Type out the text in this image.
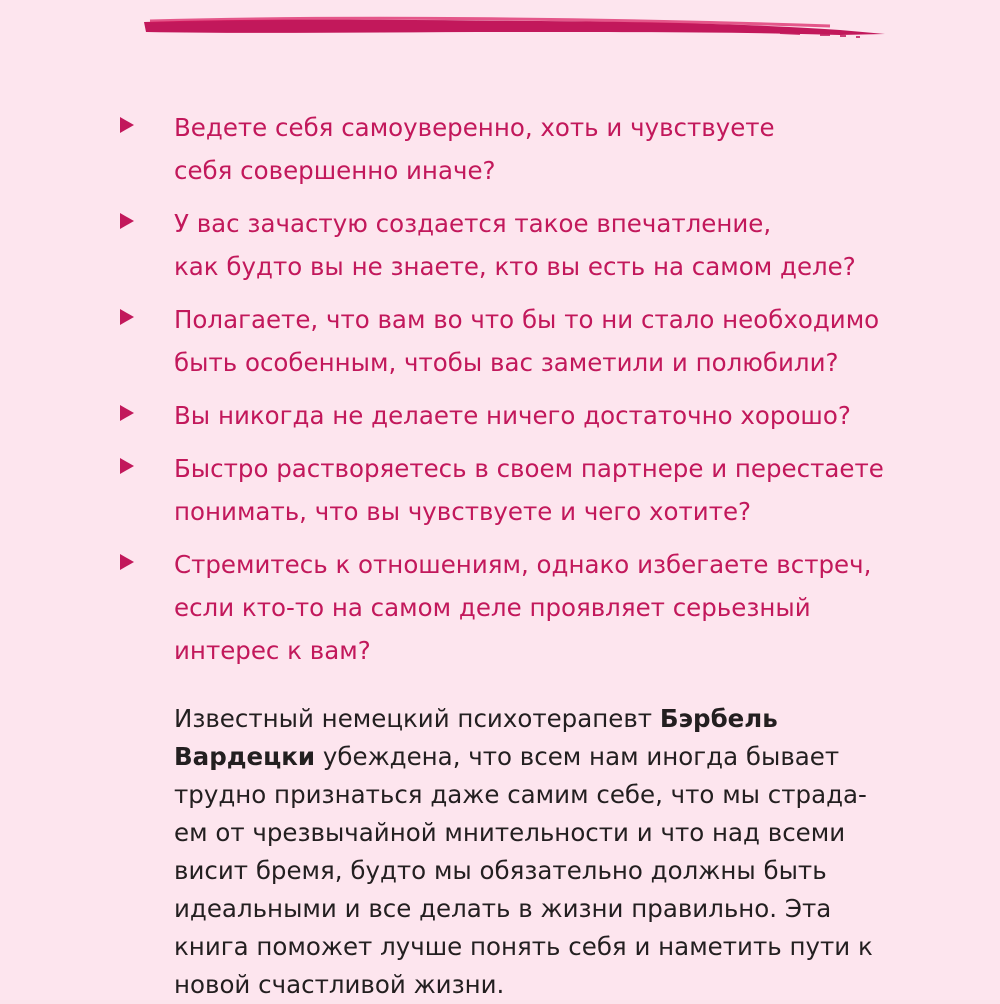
Ведете себя самоуверенно, хоть и чувствуете
себя совершенно иначе?
У вас зачастую создается такое впечатление,
как будто вы не знаете, кто вы есть на самом деле?
Полагаете, что вам во что бы то ни стало необходимо
быть особенным, чтобы вас заметили и полюбили?
Вы никогда не делаете ничего достаточно хорошо?
Быстро растворяетесь в своем партнере и перестаете
понимать, что вы чувствуете и чего хотите?
Стремитесь к отношениям, однако избегаете встреч,
если кто-то на самом деле проявляет серьезный
интерес к вам?

Известный немецкий психотерапевт Бэрбель
Вардецки убеждена, что всем нам иногда бывает
трудно признаться даже самим себе, что мы страда-
ем от чрезвычайной мнительности и что над всеми
висит бремя, будто мы обязательно должны быть
идеальными и все делать в жизни правильно. Эта
книга поможет лучше понять себя и наметить пути к
новой счастливой жизни.
